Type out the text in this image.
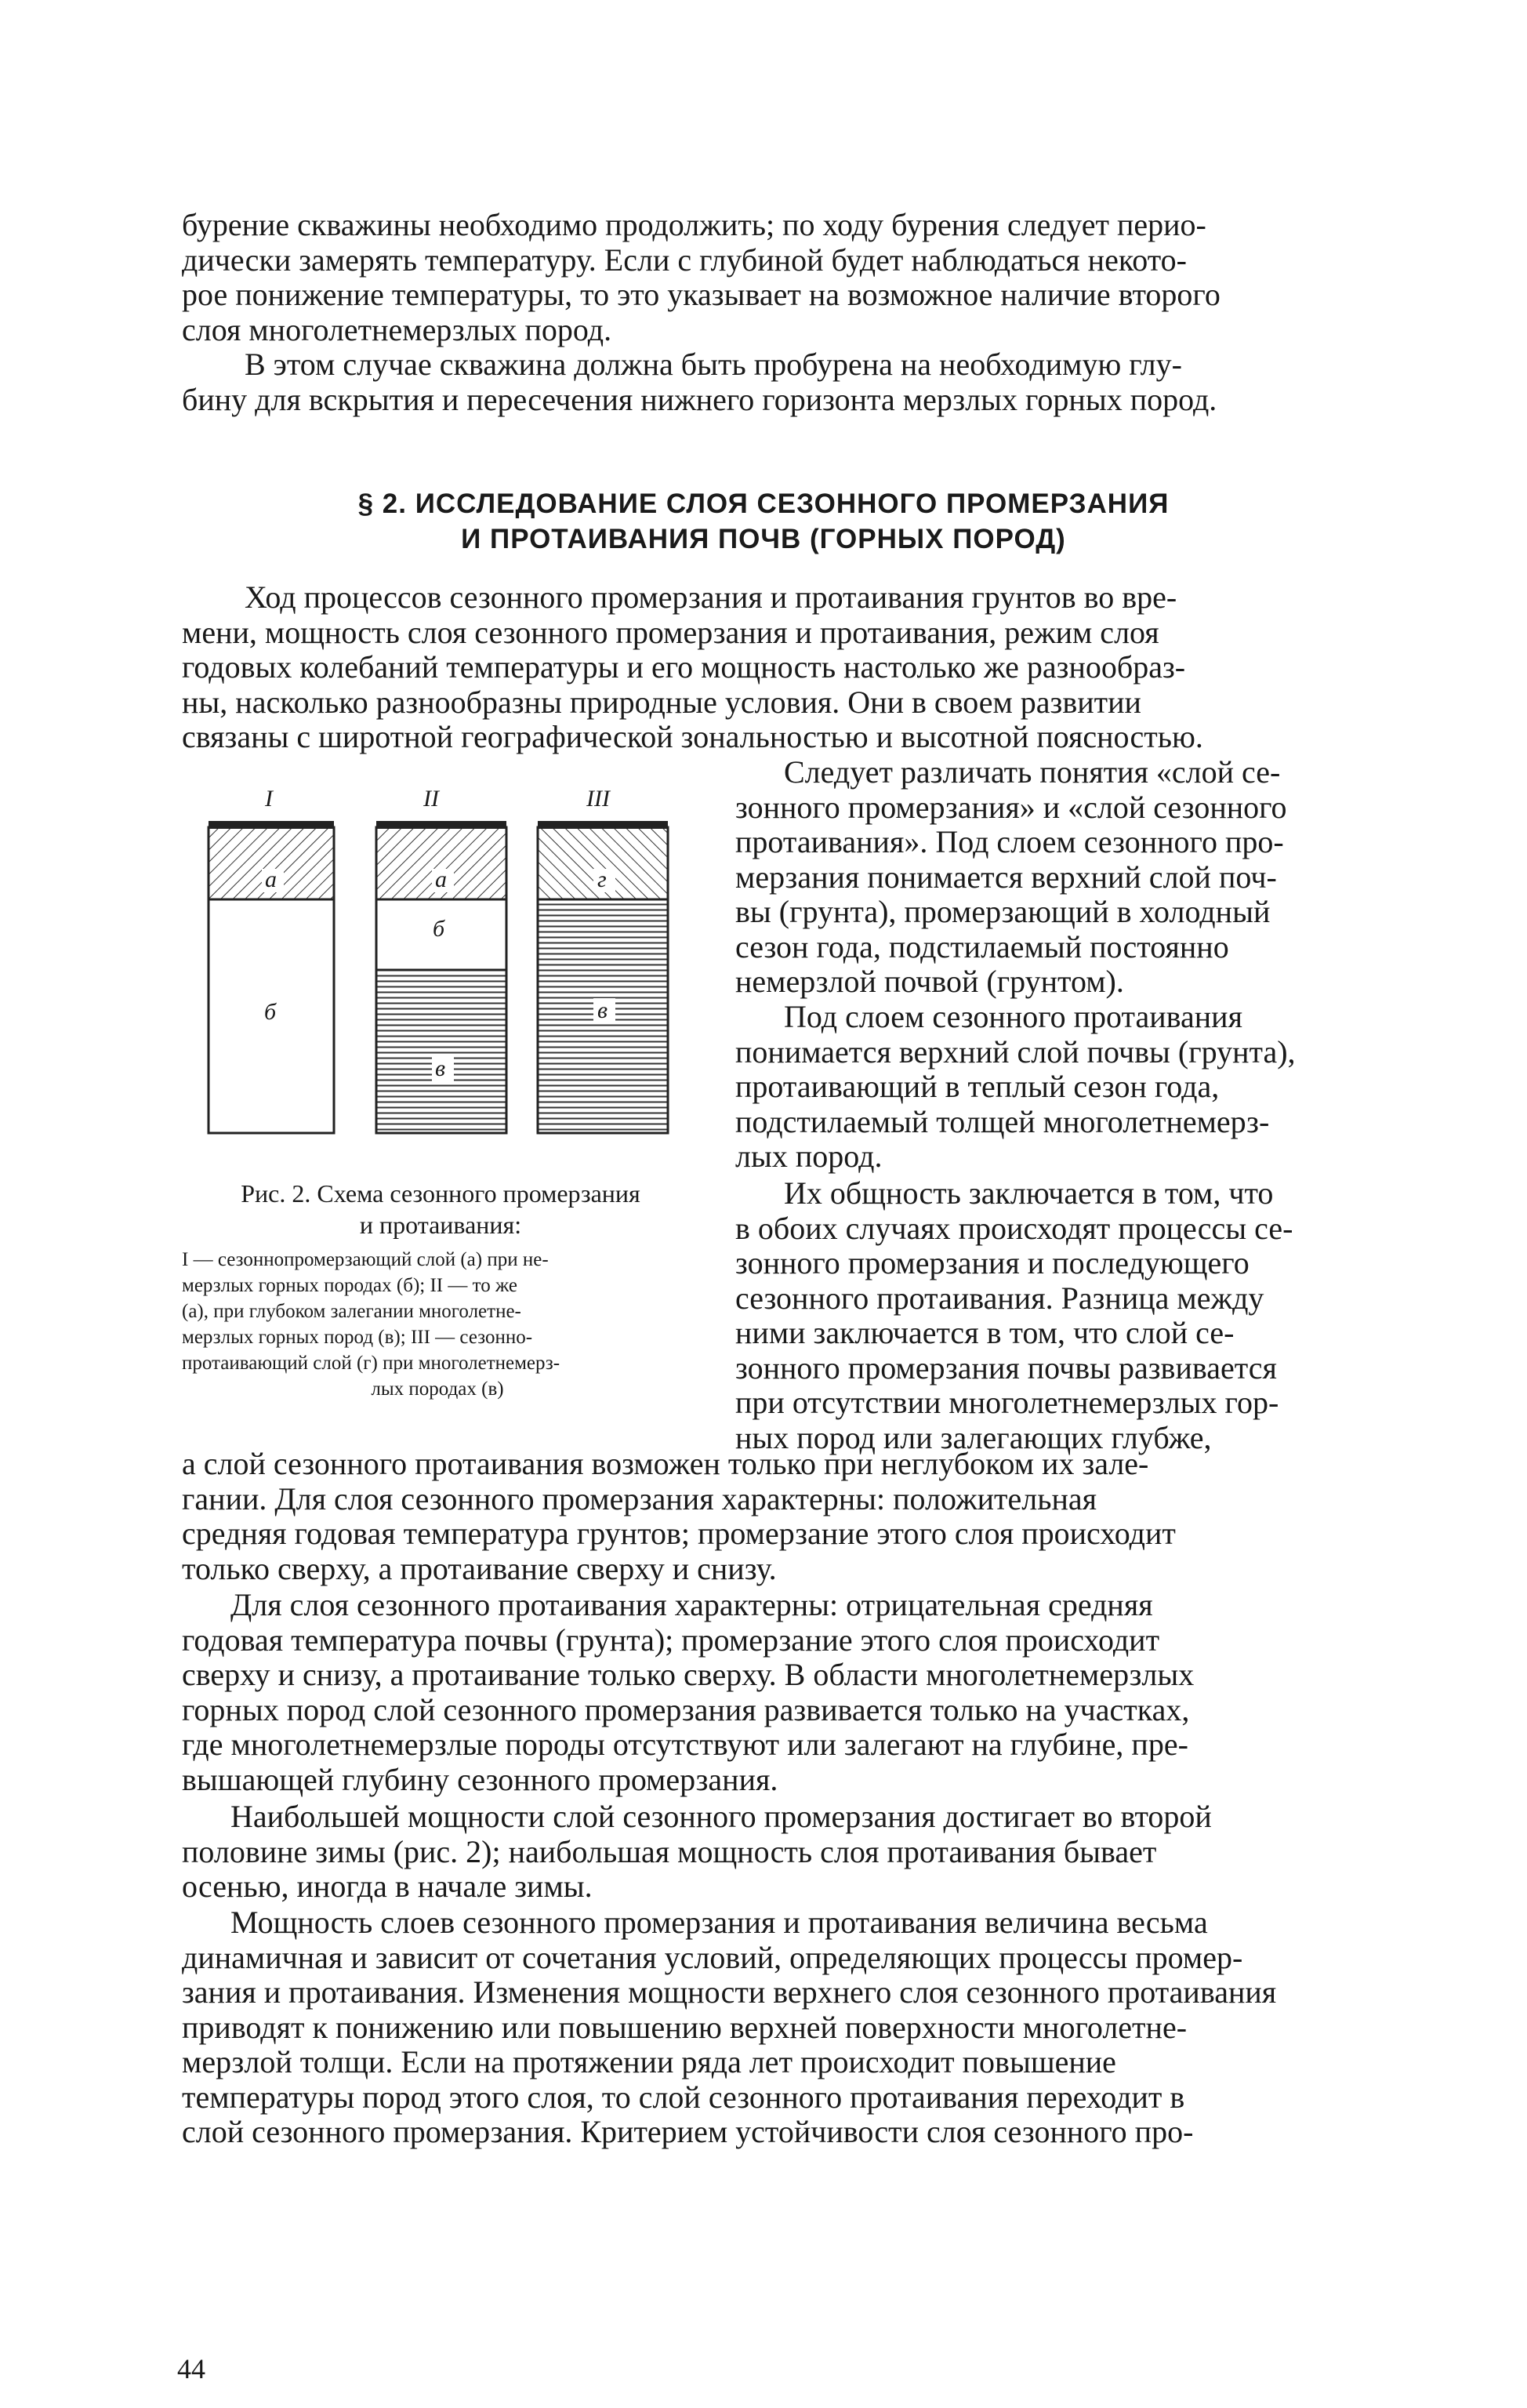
бурение скважины необходимо продолжить; по ходу бурения следует перио-
дически замерять температуру. Если с глубиной будет наблюдаться некото-
рое понижение температуры, то это указывает на возможное наличие второго
слоя многолетнемерзлых пород.

В этом случае скважина должна быть пробурена на необходимую глу-
бину для вскрытия и пересечения нижнего горизонта мерзлых горных пород.

§ 2. ИССЛЕДОВАНИЕ СЛОЯ СЕЗОННОГО ПРОМЕРЗАНИЯ
И ПРОТАИВАНИЯ ПОЧВ (ГОРНЫХ ПОРОД)

Ход процессов сезонного промерзания и протаивания грунтов во вре-
мени, мощность слоя сезонного промерзания и протаивания, режим слоя
годовых колебаний температуры и его мощность настолько же разнообраз-
ны, насколько разнообразны природные условия. Они в своем развитии
связаны с широтной географической зональностью и высотной поясностью.

Следует различать понятия «слой се-
зонного промерзания» и «слой сезонного
протаивания». Под слоем сезонного про-
мерзания понимается верхний слой поч-
вы (грунта), промерзающий в холодный
сезон года, подстилаемый постоянно
немерзлой почвой (грунтом).

Под слоем сезонного протаивания
понимается верхний слой почвы (грунта),
протаивающий в теплый сезон года,
подстилаемый толщей многолетнемерз-
лых пород.

Их общность заключается в том, что
в обоих случаях происходят процессы се-
зонного промерзания и последующего
сезонного протаивания. Разница между
ними заключается в том, что слой се-
зонного промерзания почвы развивается
при отсутствии многолетнемерзлых гор-
ных пород или залегающих глубже,

I	II	III
а
б
а
б
в
г
в
Рис. 2. Схема сезонного промерзания
и протаивания:
I — сезоннопромерзающий слой (а) при не-
мерзлых горных породах (б); II — то же
(а), при глубоком залегании многолетне-
мерзлых горных пород (в); III — сезонно-
протаивающий слой (г) при многолетнемерз-
лых породах (в)

а слой сезонного протаивания возможен только при неглубоком их зале-
гании. Для слоя сезонного промерзания характерны: положительная
средняя годовая температура грунтов; промерзание этого слоя происходит
только сверху, а протаивание сверху и снизу.

Для слоя сезонного протаивания характерны: отрицательная средняя
годовая температура почвы (грунта); промерзание этого слоя происходит
сверху и снизу, а протаивание только сверху. В области многолетнемерзлых
горных пород слой сезонного промерзания развивается только на участках,
где многолетнемерзлые породы отсутствуют или залегают на глубине, пре-
вышающей глубину сезонного промерзания.

Наибольшей мощности слой сезонного промерзания достигает во второй
половине зимы (рис. 2); наибольшая мощность слоя протаивания бывает
осенью, иногда в начале зимы.

Мощность слоев сезонного промерзания и протаивания величина весьма
динамичная и зависит от сочетания условий, определяющих процессы промер-
зания и протаивания. Изменения мощности верхнего слоя сезонного протаивания
приводят к понижению или повышению верхней поверхности многолетне-
мерзлой толщи. Если на протяжении ряда лет происходит повышение
температуры пород этого слоя, то слой сезонного протаивания переходит в
слой сезонного промерзания. Критерием устойчивости слоя сезонного про-

44
